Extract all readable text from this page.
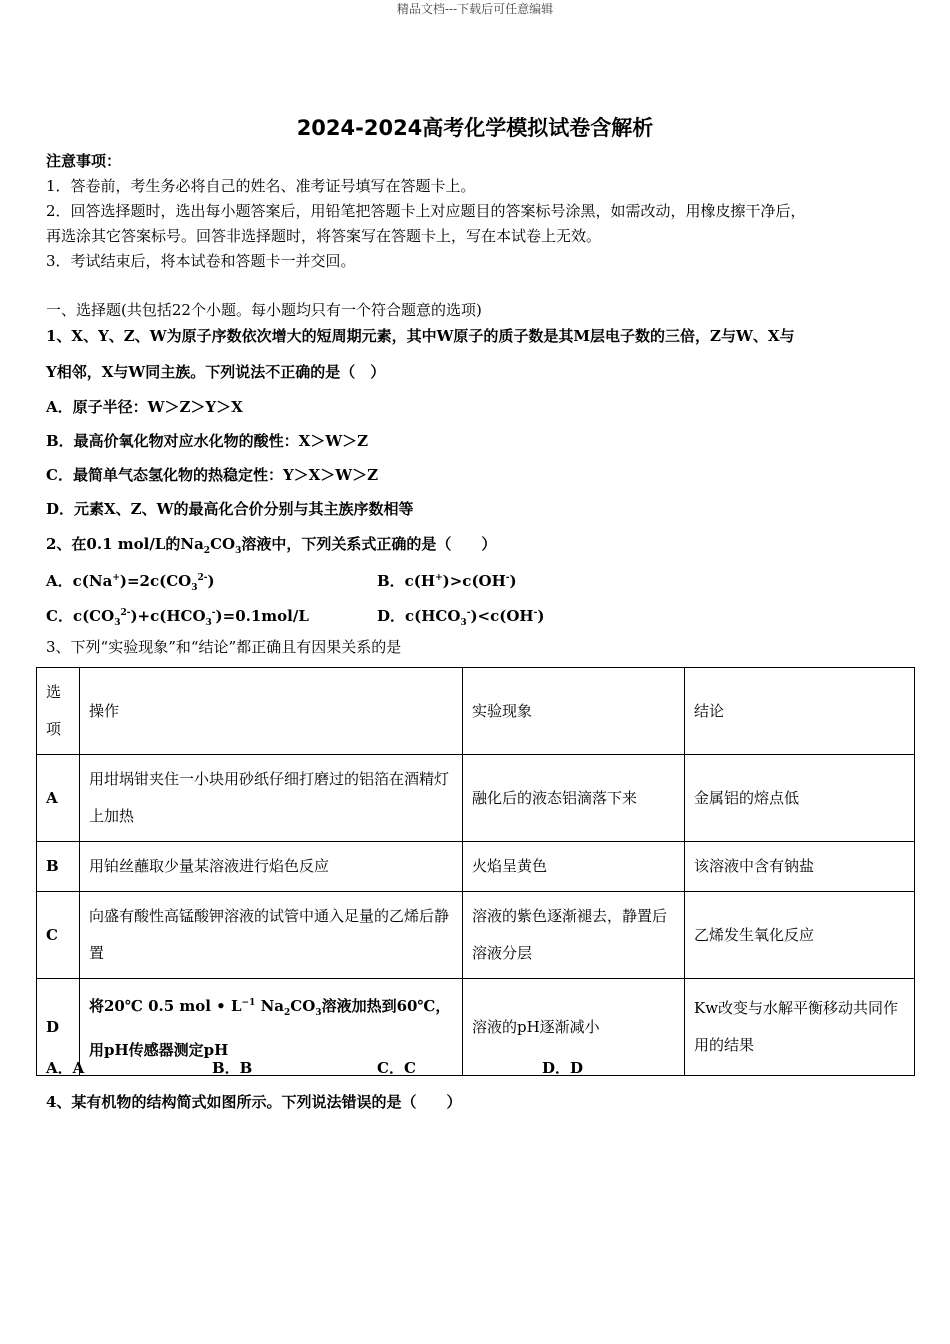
精品文档---下载后可任意编辑
2024-2024高考化学模拟试卷含解析
注意事项：
1．答卷前，考生务必将自己的姓名、准考证号填写在答题卡上。
2．回答选择题时，选出每小题答案后，用铅笔把答题卡上对应题目的答案标号涂黑，如需改动，用橡皮擦干净后，
再选涂其它答案标号。回答非选择题时，将答案写在答题卡上，写在本试卷上无效。
3．考试结束后，将本试卷和答题卡一并交回。
一、选择题(共包括22个小题。每小题均只有一个符合题意的选项)
1、X、Y、Z、W为原子序数依次增大的短周期元素，其中W原子的质子数是其M层电子数的三倍，Z与W、X与
Y相邻，X与W同主族。下列说法不正确的是（　）
A．原子半径：W＞Z＞Y＞X
B．最高价氧化物对应水化物的酸性：X＞W＞Z
C．最简单气态氢化物的热稳定性：Y＞X＞W＞Z
D．元素X、Z、W的最高化合价分别与其主族序数相等
2、在0.1 mol/L的$Na_2CO_3$溶液中，下列关系式正确的是（　　）
A．$c(Na^+)=2c(CO_3^{2-})$	B．c(H+)>c(OH-)
C．$c(CO_3^{2-})+c(HCO_3^-)=0.1mol/L$	D．$c(HCO_3^-)<c(OH^-)$
3、下列“实验现象”和“结论”都正确且有因果关系的是
选项	操作	实验现象	结论
A	用坩埚钳夹住一小块用砂纸仔细打磨过的铝箔在酒精灯上加热	融化后的液态铝滴落下来	金属铝的熔点低
B	用铂丝蘸取少量某溶液进行焰色反应	火焰呈黄色	该溶液中含有钠盐
C	向盛有酸性高锰酸钾溶液的试管中通入足量的乙烯后静置	溶液的紫色逐渐褪去，静置后溶液分层	乙烯发生氧化反应
D	将20℃ 0.5 mol • $L^{-1}$ $Na_2CO_3$溶液加热到60℃，用pH传感器测定pH	溶液的pH逐渐减小	Kw改变与水解平衡移动共同作用的结果
A．A	B．B	C．C	D．D
4、某有机物的结构简式如图所示。下列说法错误的是（　　）
